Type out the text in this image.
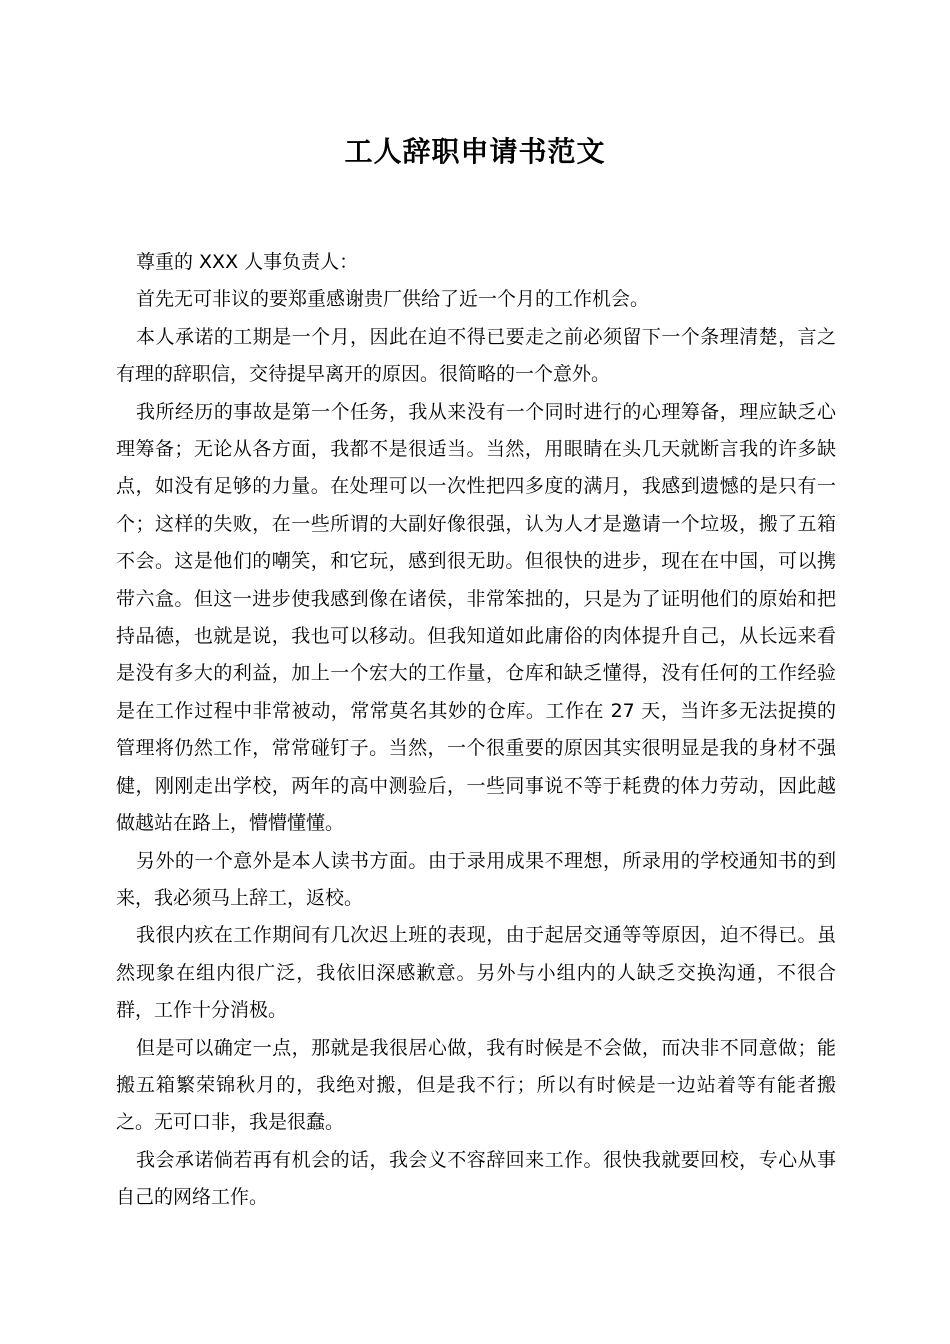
工人辞职申请书范文

尊重的 XXX 人事负责人：

首先无可非议的要郑重感谢贵厂供给了近一个月的工作机会。

本人承诺的工期是一个月，因此在迫不得已要走之前必须留下一个条理清楚，言之有理的辞职信，交待提早离开的原因。很简略的一个意外。

我所经历的事故是第一个任务，我从来没有一个同时进行的心理筹备，理应缺乏心理筹备；无论从各方面，我都不是很适当。当然，用眼睛在头几天就断言我的许多缺点，如没有足够的力量。在处理可以一次性把四多度的满月，我感到遗憾的是只有一个；这样的失败，在一些所谓的大副好像很强，认为人才是邀请一个垃圾，搬了五箱不会。这是他们的嘲笑，和它玩，感到很无助。但很快的进步，现在在中国，可以携带六盒。但这一进步使我感到像在诸侯，非常笨拙的，只是为了证明他们的原始和把持品德，也就是说，我也可以移动。但我知道如此庸俗的肉体提升自己，从长远来看是没有多大的利益，加上一个宏大的工作量，仓库和缺乏懂得，没有任何的工作经验是在工作过程中非常被动，常常莫名其妙的仓库。工作在 27 天，当许多无法捉摸的管理将仍然工作，常常碰钉子。当然，一个很重要的原因其实很明显是我的身材不强健，刚刚走出学校，两年的高中测验后，一些同事说不等于耗费的体力劳动，因此越做越站在路上，懵懵懂懂。

另外的一个意外是本人读书方面。由于录用成果不理想，所录用的学校通知书的到来，我必须马上辞工，返校。

我很内疚在工作期间有几次迟上班的表现，由于起居交通等等原因，迫不得已。虽然现象在组内很广泛，我依旧深感歉意。另外与小组内的人缺乏交换沟通，不很合群，工作十分消极。

但是可以确定一点，那就是我很居心做，我有时候是不会做，而决非不同意做；能搬五箱繁荣锦秋月的，我绝对搬，但是我不行；所以有时候是一边站着等有能者搬之。无可口非，我是很蠢。

我会承诺倘若再有机会的话，我会义不容辞回来工作。很快我就要回校，专心从事自己的网络工作。
